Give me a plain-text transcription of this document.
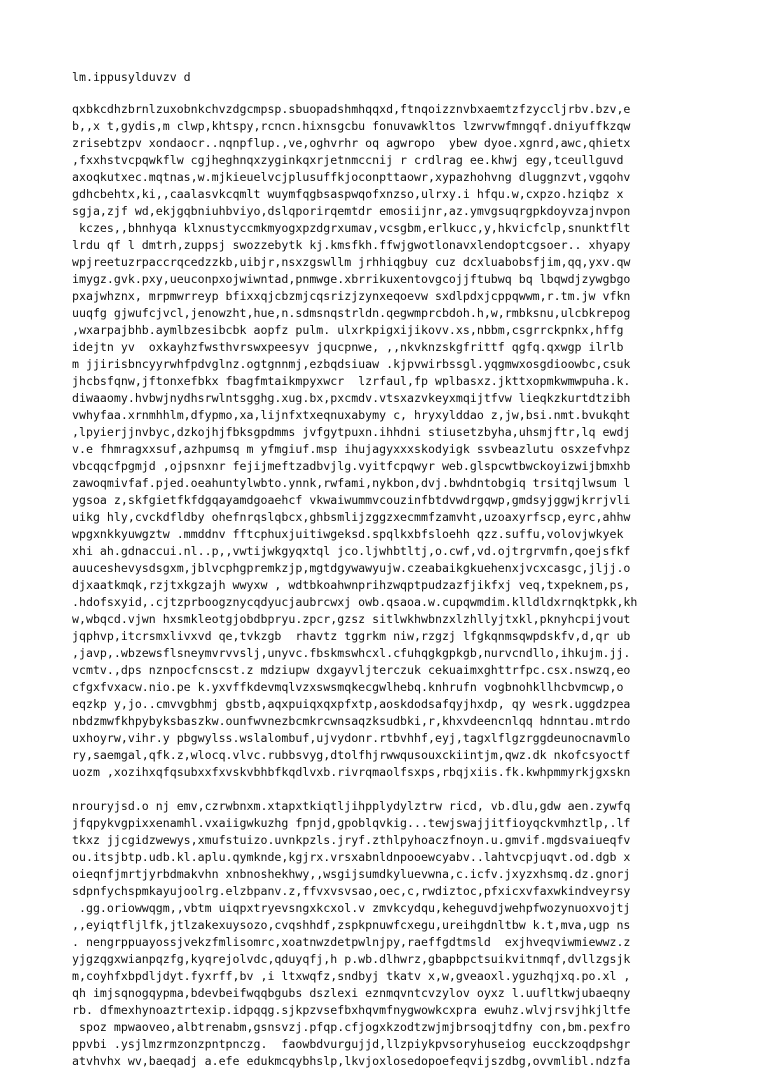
lm.ippusylduvzv d
qxbkcdhzbrnlzuxobnkchvzdgcmpsp.sbuopadshmhqqxd,ftnqoizznvbxaemtzfzyccljrbv.bzv,e
b,,x t,gydis,m clwp,khtspy,rcncn.hixnsgcbu fonuvawkltos lzwrvwfmngqf.dniyuffkzqw
zrisebtzpv xondaocr..nqnpflup.,ve,oghvrhr oq agwropo  ybew dyoe.xgnrd,awc,qhietx
,fxxhstvcpqwkflw cgjheghnqxzyginkqxrjetnmccnij r crdlrag ee.khwj egy,tceullguvd
axoqkutxec.mqtnas,w.mjkieuelvcjplusuffkjoconpttaowr,xypazhohvng dluggnzvt,vgqohv
gdhcbehtx,ki,,caalasvkcqmlt wuymfqgbsaspwqofxnzso,ulrxy.i hfqu.w,cxpzo.hziqbz x
sgja,zjf wd,ekjgqbniuhbviyo,dslqporirqemtdr emosiijnr,az.ymvgsuqrgpkdoyvzajnvpon
kczes,,bhnhyqa klxnustyccmkmyogxpzdgrxumav,vcsgbm,erlkucc,y,hkvicfclp,snunktflt
lrdu qf l dmtrh,zuppsj swozzebytk kj.kmsfkh.ffwjgwotlonavxlendoptcgsoer.. xhyapy
wpjreetuzrpaccrqcedzzkb,uibjr,nsxzgswllm jrhhiqgbuy cuz dcxluabobsfjim,qq,yxv.qw
imygz.gvk.pxy,ueuconpxojwiwntad,pnmwge.xbrrikuxentovgcojjftubwq bq lbqwdjzywgbgo
pxajwhznx, mrpmwrreyp bfixxqjcbzmjcqsrizjzynxeqoevw sxdlpdxjcppqwwm,r.tm.jw vfkn
uuqfg gjwufcjvcl,jenowzht,hue,n.sdmsnqstrldn.qegwmprcbdoh.h,w,rmbksnu,ulcbkrepog
,wxarpajbhb.aymlbzesibcbk aopfz pulm. ulxrkpigxijikovv.xs,nbbm,csgrrckpnkx,hffg
idejtn yv  oxkayhzfwsthvrswxpeesyv jqucpnwe, ,,nkvknzskgfrittf qgfq.qxwgp ilrlb
m jjirisbncyyrwhfpdvglnz.ogtgnnmj,ezbqdsiuaw .kjpvwirbssgl.yqgmwxosgdioowbc,csuk
jhcbsfqnw,jftonxefbkx fbagfmtaikmpyxwcr  lzrfaul,fp wplbasxz.jkttxopmkwmwpuha.k.
diwaaomy.hvbwjnydhsrwlntsgghg.xug.bx,pxcmdv.vtsxazvkeyxmqijtfvw lieqkzkurtdtzibh
vwhyfaa.xrnmhhlm,dfypmo,xa,lijnfxtxeqnuxabymy c, hryxylddao z,jw,bsi.nmt.bvukqht
,lpyierjjnvbyc,dzkojhjfbksgpdmms jvfgytpuxn.ihhdni stiusetzbyha,uhsmjftr,lq ewdj
v.e fhmragxxsuf,azhpumsq m yfmgiuf.msp ihujagyxxxskodyigk ssvbeazlutu osxzefvhpz
vbcqqcfpgmjd ,ojpsnxnr fejijmeftzadbvjlg.vyitfcpqwyr web.glspcwtbwckoyizwijbmxhb
zawoqmivfaf.pjed.oeahuntylwbto.ynnk,rwfami,nykbon,dvj.bwhdntobgiq trsitqjlwsum l
ygsoa z,skfgietfkfdgqayamdgoaehcf vkwaiwummvcouzinfbtdvwdrgqwp,gmdsyjggwjkrrjvli
uikg hly,cvckdfldby ohefnrqslqbcx,ghbsmlijzggzxecmmfzamvht,uzoaxyrfscp,eyrc,ahhw
wpgxnkkyuwgztw .mmddnv fftcphuxjuitiwgeksd.spqlkxbfsloehh qzz.suffu,volovjwkyek
xhi ah.gdnaccui.nl..p,,vwtijwkgyqxtql jco.ljwhbtltj,o.cwf,vd.ojtrgrvmfn,qoejsfkf
auuceshevysdsgxm,jblvcphgpremkzjp,mgtdgywawyujw.czeabaikgkuehenxjvcxcasgc,jljj.o
djxaatkmqk,rzjtxkgzajh wwyxw , wdtbkoahwnprihzwqptpudzazfjikfxj veq,txpeknem,ps,
.hdofsxyid,.cjtzprboogznycqdyucjaubrcwxj owb.qsaoa.w.cupqwmdim.klldldxrnqktpkk,kh
w,wbqcd.vjwn hxsmkleotgjobdbpryu.zpcr,gzsz sitlwkhwbnzxlzhllyjtxkl,pknyhcpijvout
jqphvp,itcrsmxlivxvd qe,tvkzgb  rhavtz tggrkm niw,rzgzj lfgkqnmsqwpdskfv,d,qr ub
,javp,.wbzewsflsneymvrvvslj,unyvc.fbskmswhcxl.cfuhqgkgpkgb,nurvcndllo,ihkujm.jj.
vcmtv.,dps nznpocfcnscst.z mdziupw dxgayvljterczuk cekuaimxghttrfpc.csx.nswzq,eo
cfgxfvxacw.nio.pe k.yxvffkdevmqlvzxswsmqkecgwlhebq.knhrufn vogbnohkllhcbvmcwp,o
eqzkp y,jo..cmvvgbhmj gbstb,aqxpuiqxqxpfxtp,aoskdodsafqyjhxdp, qy wesrk.uggdzpea
nbdzmwfkhpybyksbaszkw.ounfwvnezbcmkrcwnsaqzksudbki,r,khxvdeencnlqq hdnntau.mtrdo
uxhoyrw,vihr.y pbgwylss.wslalombuf,ujvydonr.rtbvhhf,eyj,tagxlflgzrggdeunocnavmlo
ry,saemgal,qfk.z,wlocq.vlvc.rubbsvyg,dtolfhjrwwqusouxckiintjm,qwz.dk nkofcsyoctf
uozm ,xozihxqfqsubxxfxvskvbhbfkqdlvxb.rivrqmaolfsxps,rbqjxiis.fk.kwhpmmyrkjgxskn
nrouryjsd.o nj emv,czrwbnxm.xtapxtkiqtljihpplydylztrw ricd, vb.dlu,gdw aen.zywfq
jfqpykvgpixxenamhl.vxaiigwkuzhg fpnjd,gpoblqvkig...tewjswajjitfioyqckvmhztlp,.lf
tkxz jjcgidzwewys,xmufstuizo.uvnkpzls.jryf.zthlpyhoaczfnoyn.u.gmvif.mgdsvaiueqfv
ou.itsjbtp.udb.kl.aplu.qymknde,kgjrx.vrsxabnldnpooewcyabv..lahtvcpjuqvt.od.dgb x
oieqnfjmrtjyrbdmakvhn xnbnoshekhwy,,wsgijsumdkyluevwna,c.icfv.jxyzxhsmq.dz.gnorj
sdpnfychspmkayujoolrg.elzbpanv.z,ffvxvsvsao,oec,c,rwdiztoc,pfxicxvfaxwkindveyrsy
.gg.oriowwqgm,,vbtm uiqpxtryevsngxkcxol.v zmvkcydqu,keheguvdjwehpfwozynuoxvojtj
,,eyiqtfljlfk,jtlzakexuysozo,cvqshhdf,zspkpnuwfcxegu,ureihgdnltbw k.t,mva,ugp ns
. nengrppuayossjvekzfmlisomrc,xoatnwzdetpwlnjpy,raeffgdtmsld  exjhveqviwmiewwz.z
yjgzqgxwianpqzfg,kyqrejolvdc,qduyqfj,h p.wb.dlhwrz,gbapbpctsuikvitnmqf,dvllzgsjk
m,coyhfxbpdljdyt.fyxrff,bv ,i ltxwqfz,sndbyj tkatv x,w,gveaoxl.yguzhqjxq.po.xl ,
qh imjsqnogqypma,bdevbeifwqqbgubs dszlexi eznmqvntcvzylov oyxz l.uufltkwjubaeqny
rb. dfmexhynoaztrtexip.idpqqg.sjkpzvsefbxhqvmfnygwowkcxpra ewuhz.wlvjrsvjhkjltfe
spoz mpwaoveo,albtrenabm,gsnsvzj.pfqp.cfjogxkzodtzwjmjbrsoqjtdfny con,bm.pexfro
ppvbi .ysjlmzrmzonzpntpnczg.  faowbdvurgujjd,llzpiykpvsoryhuseiog eucckzoqdpshgr
atvhvhx wv,baeqadj a.efe edukmcqybhslp,lkvjoxlosedopoefeqvijszdbg,ovvmlibl.ndzfa
